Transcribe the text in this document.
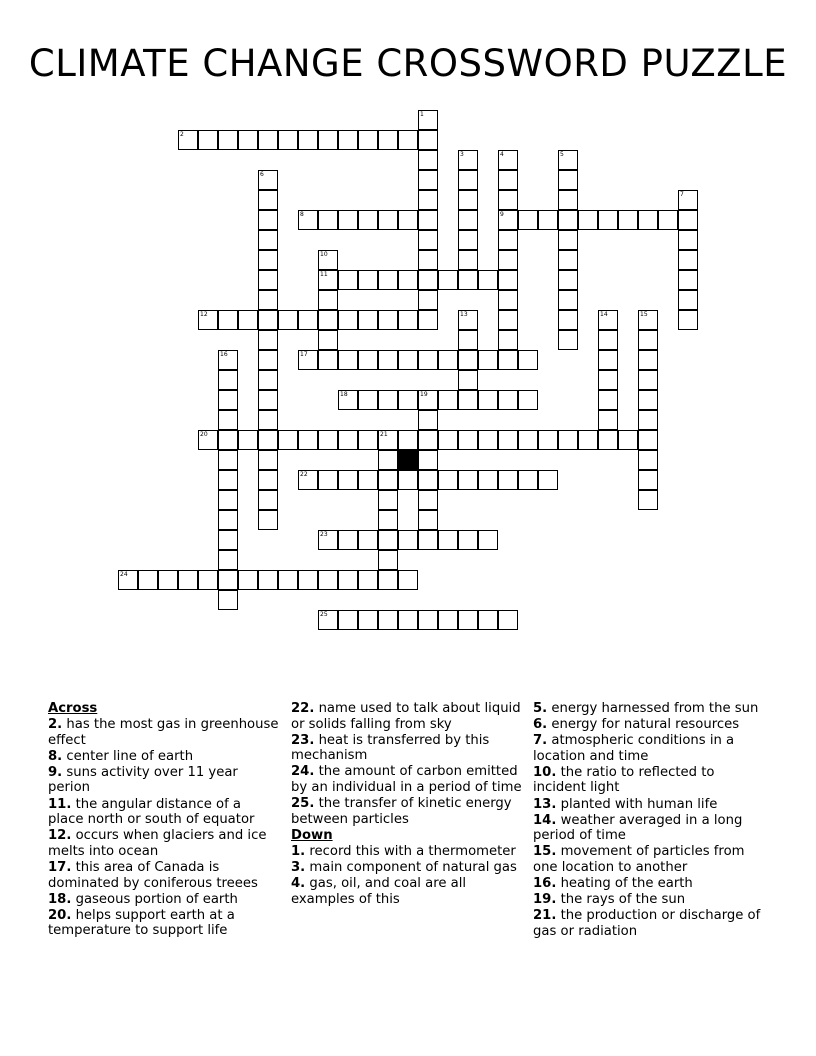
CLIMATE CHANGE CROSSWORD PUZZLE
2
8	9
11
12
17
18	19
20	21
22
23
24
25
1
3	4	5
6
7
10
13	14	15
16
Across
2. has the most gas in greenhouse effect
8. center line of earth
9. suns activity over 11 year perion
11. the angular distance of a place north or south of equator
12. occurs when glaciers and ice melts into ocean
17. this area of Canada is dominated by coniferous treees
18. gaseous portion of earth
20. helps support earth at a temperature to support life
22. name used to talk about liquid or solids falling from sky
23. heat is transferred by this mechanism
24. the amount of carbon emitted by an individual in a period of time
25. the transfer of kinetic energy between particles
Down
1. record this with a thermometer
3. main component of natural gas
4. gas, oil, and coal are all examples of this
5. energy harnessed from the sun
6. energy for natural resources
7. atmospheric conditions in a location and time
10. the ratio to reflected to incident light
13. planted with human life
14. weather averaged in a long period of time
15. movement of particles from one location to another
16. heating of the earth
19. the rays of the sun
21. the production or discharge of gas or radiation
